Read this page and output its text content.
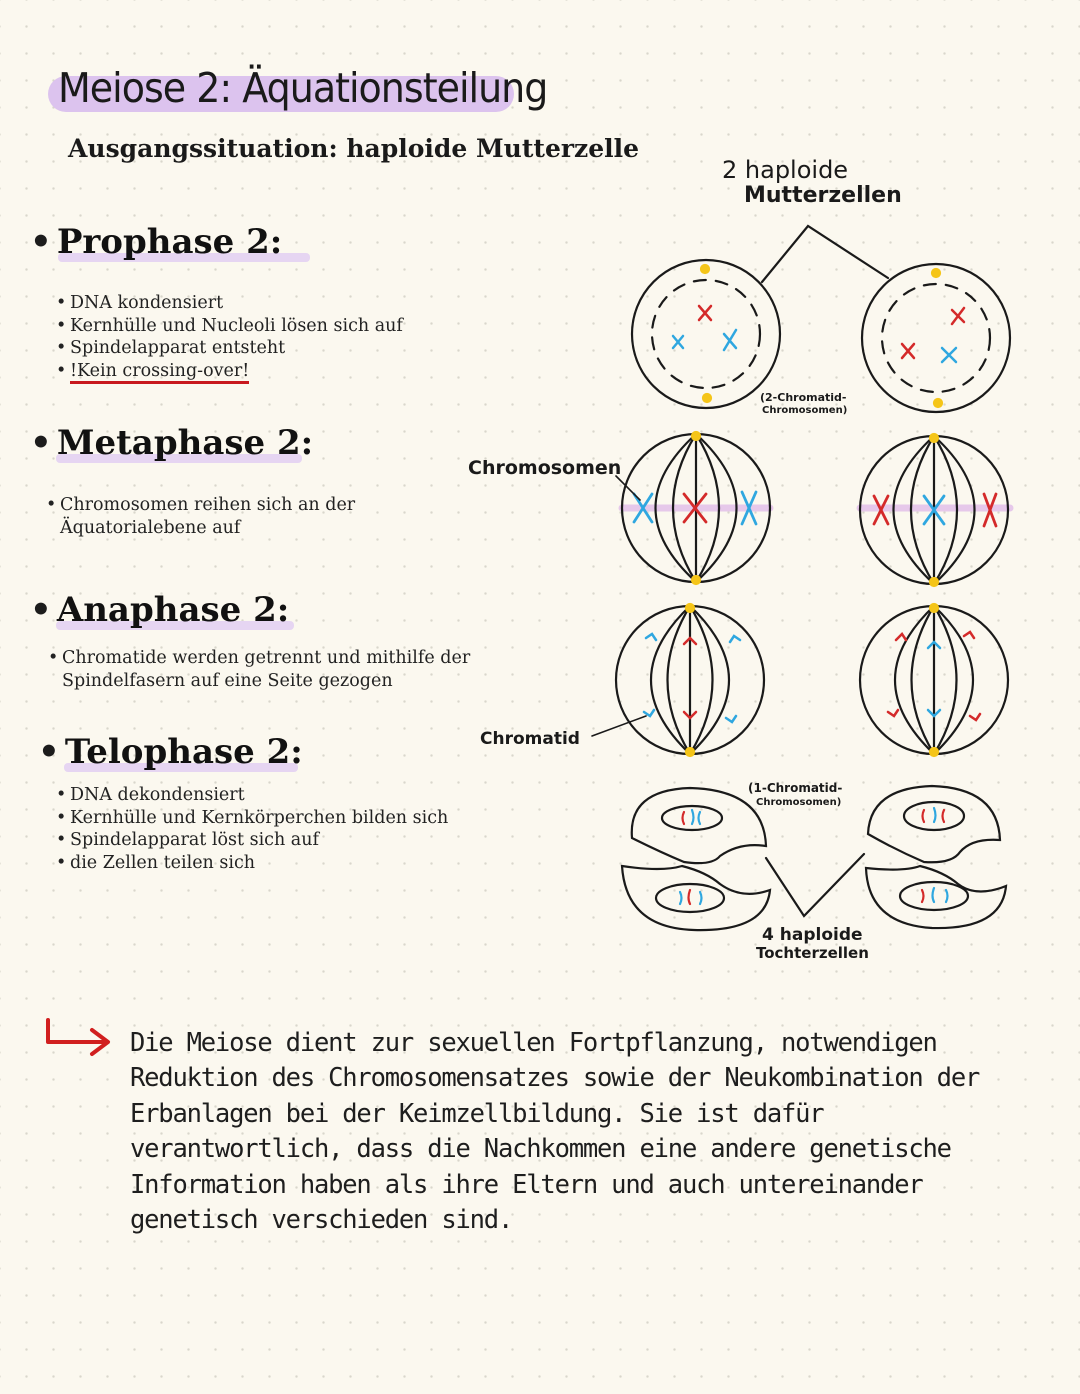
Meiose 2: Äquationsteilung
Ausgangssituation: haploide Mutterzelle
• Prophase 2:
• DNA kondensiert
• Kernhülle und Nucleoli lösen sich auf
• Spindelapparat entsteht
• !Kein crossing-over!
• Metaphase 2:
• Chromosomen reihen sich an der Äquatorialebene auf
• Anaphase 2:
• Chromatide werden getrennt und mithilfe der Spindelfasern auf eine Seite gezogen
• Telophase 2:
• DNA dekondensiert
• Kernhülle und Kernkörperchen bilden sich
• Spindelapparat löst sich auf
• die Zellen teilen sich
2 haploide
Mutterzellen
(2-Chromatid-
Chromosomen)
Chromosomen
Chromatid
(1-Chromatid-
Chromosomen)
4 haploide
Tochterzellen
Die Meiose dient zur sexuellen Fortpflanzung, notwendigen Reduktion des Chromosomensatzes sowie der Neukombination der Erbanlagen bei der Keimzellbildung. Sie ist dafür verantwortlich, dass die Nachkommen eine andere genetische Information haben als ihre Eltern und auch untereinander genetisch verschieden sind.
